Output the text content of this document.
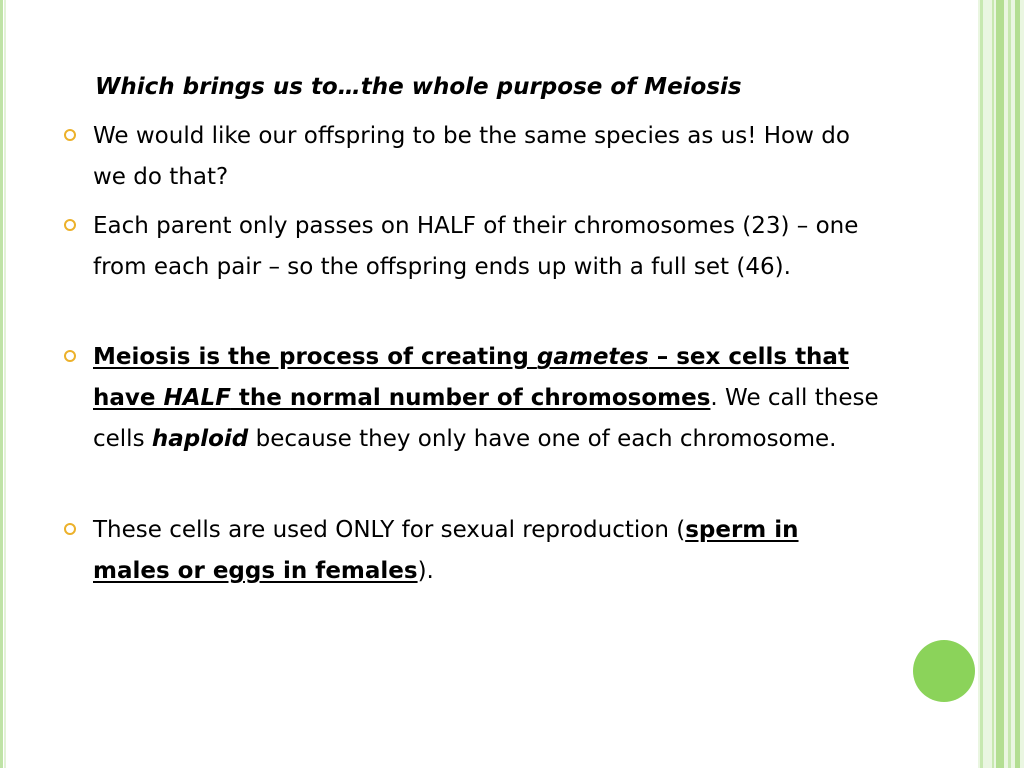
Which brings us to…the whole purpose of Meiosis
We would like our offspring to be the same species as us! How do we do that?
Each parent only passes on HALF of their chromosomes (23) – one from each pair – so the offspring ends up with a full set (46).
Meiosis is the process of creating gametes – sex cells that have HALF the normal number of chromosomes. We call these cells haploid because they only have one of each chromosome.
These cells are used ONLY for sexual reproduction (sperm in males or eggs in females).
